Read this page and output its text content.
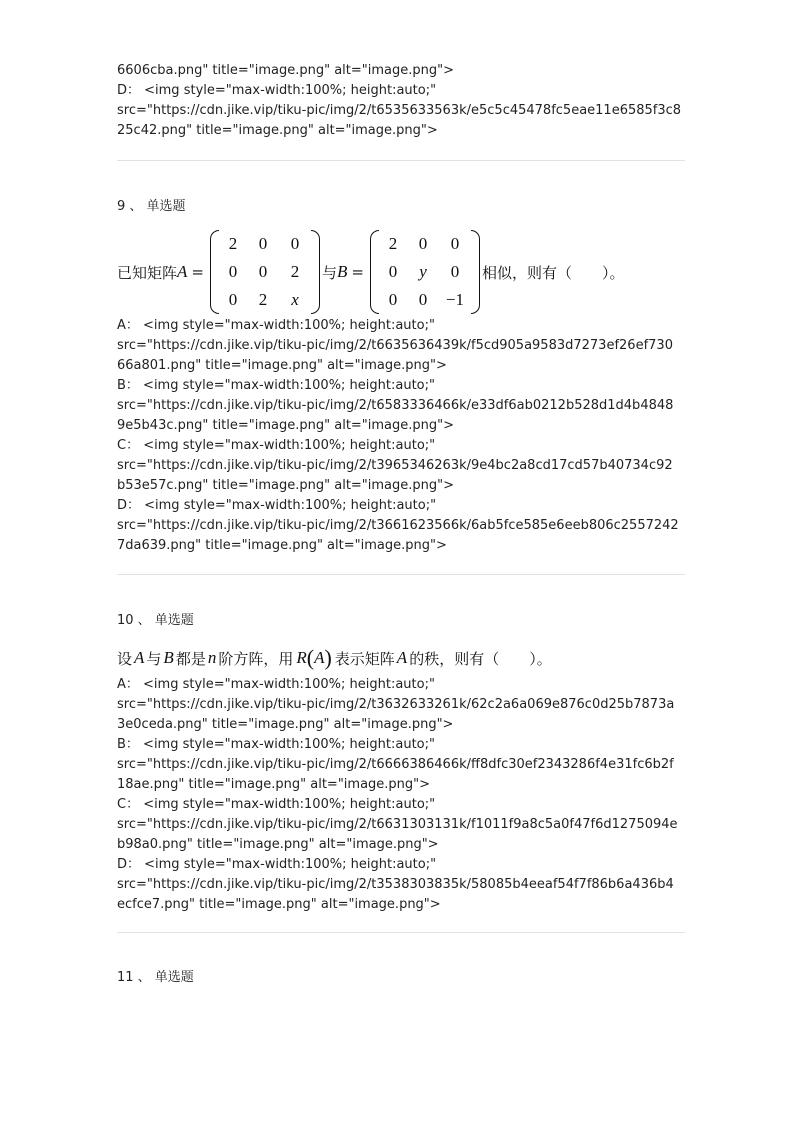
6606cba.png" title="image.png" alt="image.png">
D： <img style="max-width:100%; height:auto;"
src="https://cdn.jike.vip/tiku-pic/img/2/t6535633563k/e5c5c45478fc5eae11e6585f3c8
25c42.png" title="image.png" alt="image.png">
9 、 单选题
已知矩阵 A =
2 0 0
0 0 2
0 2 x
与 B =
2 0 0
0 y 0
0 0 −1
相似，则有（　　）。
A： <img style="max-width:100%; height:auto;"
src="https://cdn.jike.vip/tiku-pic/img/2/t6635636439k/f5cd905a9583d7273ef26ef730
66a801.png" title="image.png" alt="image.png">
B： <img style="max-width:100%; height:auto;"
src="https://cdn.jike.vip/tiku-pic/img/2/t6583336466k/e33df6ab0212b528d1d4b4848
9e5b43c.png" title="image.png" alt="image.png">
C： <img style="max-width:100%; height:auto;"
src="https://cdn.jike.vip/tiku-pic/img/2/t3965346263k/9e4bc2a8cd17cd57b40734c92
b53e57c.png" title="image.png" alt="image.png">
D： <img style="max-width:100%; height:auto;"
src="https://cdn.jike.vip/tiku-pic/img/2/t3661623566k/6ab5fce585e6eeb806c2557242
7da639.png" title="image.png" alt="image.png">
10 、 单选题
设 A 与 B 都是 n 阶方阵，用 R ( A ) 表示矩阵 A 的秩，则有（　　）。
A： <img style="max-width:100%; height:auto;"
src="https://cdn.jike.vip/tiku-pic/img/2/t3632633261k/62c2a6a069e876c0d25b7873a
3e0ceda.png" title="image.png" alt="image.png">
B： <img style="max-width:100%; height:auto;"
src="https://cdn.jike.vip/tiku-pic/img/2/t6666386466k/ff8dfc30ef2343286f4e31fc6b2f
18ae.png" title="image.png" alt="image.png">
C： <img style="max-width:100%; height:auto;"
src="https://cdn.jike.vip/tiku-pic/img/2/t6631303131k/f1011f9a8c5a0f47f6d1275094e
b98a0.png" title="image.png" alt="image.png">
D： <img style="max-width:100%; height:auto;"
src="https://cdn.jike.vip/tiku-pic/img/2/t3538303835k/58085b4eeaf54f7f86b6a436b4
ecfce7.png" title="image.png" alt="image.png">
11 、 单选题
